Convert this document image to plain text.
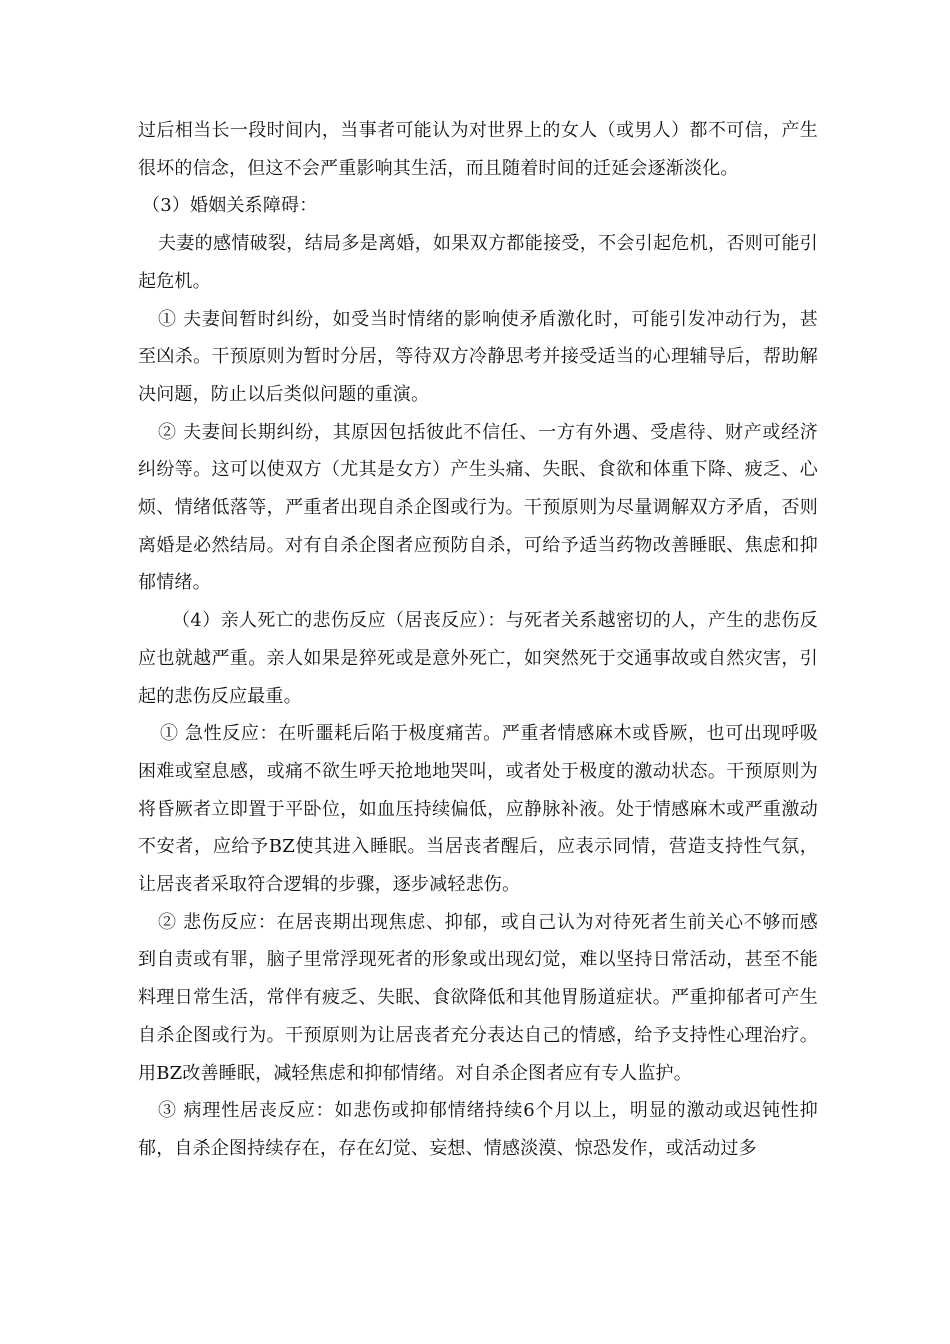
过后相当长一段时间内，当事者可能认为对世界上的女人（或男人）都不可信，产生很坏的信念，但这不会严重影响其生活，而且随着时间的迁延会逐渐淡化。

（3）婚姻关系障碍：

夫妻的感情破裂，结局多是离婚，如果双方都能接受，不会引起危机，否则可能引起危机。

① 夫妻间暂时纠纷，如受当时情绪的影响使矛盾激化时，可能引发冲动行为，甚至凶杀。干预原则为暂时分居，等待双方冷静思考并接受适当的心理辅导后，帮助解决问题，防止以后类似问题的重演。

② 夫妻间长期纠纷，其原因包括彼此不信任、一方有外遇、受虐待、财产或经济纠纷等。这可以使双方（尤其是女方）产生头痛、失眠、食欲和体重下降、疲乏、心烦、情绪低落等，严重者出现自杀企图或行为。干预原则为尽量调解双方矛盾，否则离婚是必然结局。对有自杀企图者应预防自杀，可给予适当药物改善睡眠、焦虑和抑郁情绪。

（4）亲人死亡的悲伤反应（居丧反应）：与死者关系越密切的人，产生的悲伤反应也就越严重。亲人如果是猝死或是意外死亡，如突然死于交通事故或自然灾害，引起的悲伤反应最重。

① 急性反应：在听噩耗后陷于极度痛苦。严重者情感麻木或昏厥，也可出现呼吸困难或窒息感，或痛不欲生呼天抢地地哭叫，或者处于极度的激动状态。干预原则为将昏厥者立即置于平卧位，如血压持续偏低，应静脉补液。处于情感麻木或严重激动不安者，应给予BZ使其进入睡眠。当居丧者醒后，应表示同情，营造支持性气氛，让居丧者采取符合逻辑的步骤，逐步减轻悲伤。

② 悲伤反应：在居丧期出现焦虑、抑郁，或自己认为对待死者生前关心不够而感到自责或有罪，脑子里常浮现死者的形象或出现幻觉，难以坚持日常活动，甚至不能料理日常生活，常伴有疲乏、失眠、食欲降低和其他胃肠道症状。严重抑郁者可产生自杀企图或行为。干预原则为让居丧者充分表达自己的情感，给予支持性心理治疗。用BZ改善睡眠，减轻焦虑和抑郁情绪。对自杀企图者应有专人监护。

③ 病理性居丧反应：如悲伤或抑郁情绪持续6个月以上，明显的激动或迟钝性抑郁，自杀企图持续存在，存在幻觉、妄想、情感淡漠、惊恐发作，或活动过多
